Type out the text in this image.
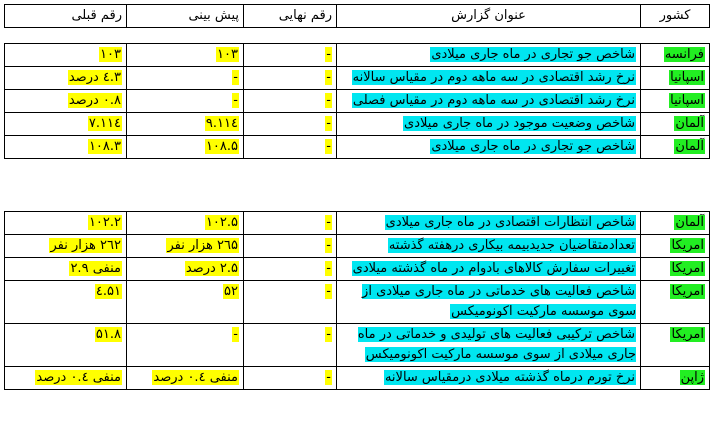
کشور	عنوان گزارش	رقم نهایی	پیش بینی	رقم قبلی
فرانسه	شاخص جو تجاری در ماه جاری میلادی	-	۱۰۳	۱۰۳
اسپانیا	نرخ رشد اقتصادی در سه ماهه دوم در مقیاس سالانه	-	-	۳.٤ درصد
اسپانیا	نرخ رشد اقتصادی در سه ماهه دوم در مقیاس فصلی	-	-	۰.۸ درصد
آلمان	شاخص وضعیت موجود در ماه جاری میلادی	-	۱۱٤.۹	۱۱٤.۷
آلمان	شاخص جو تجاری در ماه جاری میلادی	-	۱۰۸.۵	۱۰۸.۳
آلمان	شاخص انتظارات اقتصادی در ماه جاری میلادی	-	۱۰۲.۵	۱۰۲.۲
امریکا	تعدادمتقاضیان جدیدبیمه بیکاری درهفته گذشته	-	۲٦۵ هزار نفر	۲٦۲ هزار نفر
امریکا	تغییرات سفارش کالاهای بادوام در ماه گذشته میلادی	-	۲.۵ درصد	منفی ۲.۹
امریکا	شاخص فعالیت های خدماتی در ماه جاری میلادی از سوی موسسه مارکیت اکونومیکس	-	۵۲	۵۱.٤
امریکا	شاخص ترکیبی فعالیت های تولیدی و خدماتی در ماه جاری میلادی از سوی موسسه مارکیت اکونومیکس	-	-	۵۱.۸
ژاپن	نرخ تورم درماه گذشته میلادی درمقیاس سالانه	-	منفی ۰.٤ درصد	منفی ۰.٤ درصد
